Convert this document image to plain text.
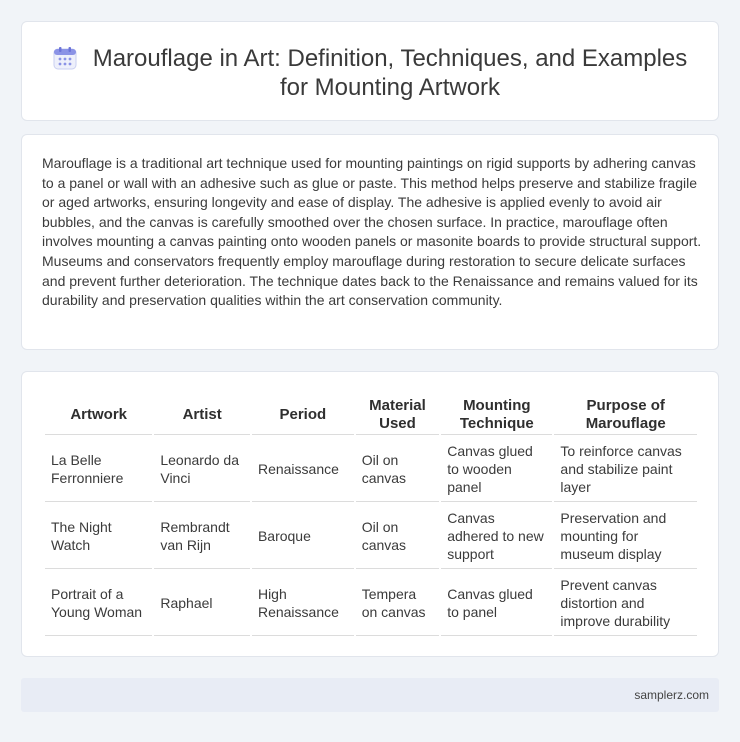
Marouflage in Art: Definition, Techniques, and Examples for Mounting Artwork

Marouflage is a traditional art technique used for mounting paintings on rigid supports by adhering canvas to a panel or wall with an adhesive such as glue or paste. This method helps preserve and stabilize fragile or aged artworks, ensuring longevity and ease of display. The adhesive is applied evenly to avoid air bubbles, and the canvas is carefully smoothed over the chosen surface. In practice, marouflage often involves mounting a canvas painting onto wooden panels or masonite boards to provide structural support. Museums and conservators frequently employ marouflage during restoration to secure delicate surfaces and prevent further deterioration. The technique dates back to the Renaissance and remains valued for its durability and preservation qualities within the art conservation community.

Artwork	Artist	Period	Material Used	Mounting Technique	Purpose of Marouflage
La Belle Ferronniere	Leonardo da Vinci	Renaissance	Oil on canvas	Canvas glued to wooden panel	To reinforce canvas and stabilize paint layer
The Night Watch	Rembrandt van Rijn	Baroque	Oil on canvas	Canvas adhered to new support	Preservation and mounting for museum display
Portrait of a Young Woman	Raphael	High Renaissance	Tempera on canvas	Canvas glued to panel	Prevent canvas distortion and improve durability
samplerz.com
